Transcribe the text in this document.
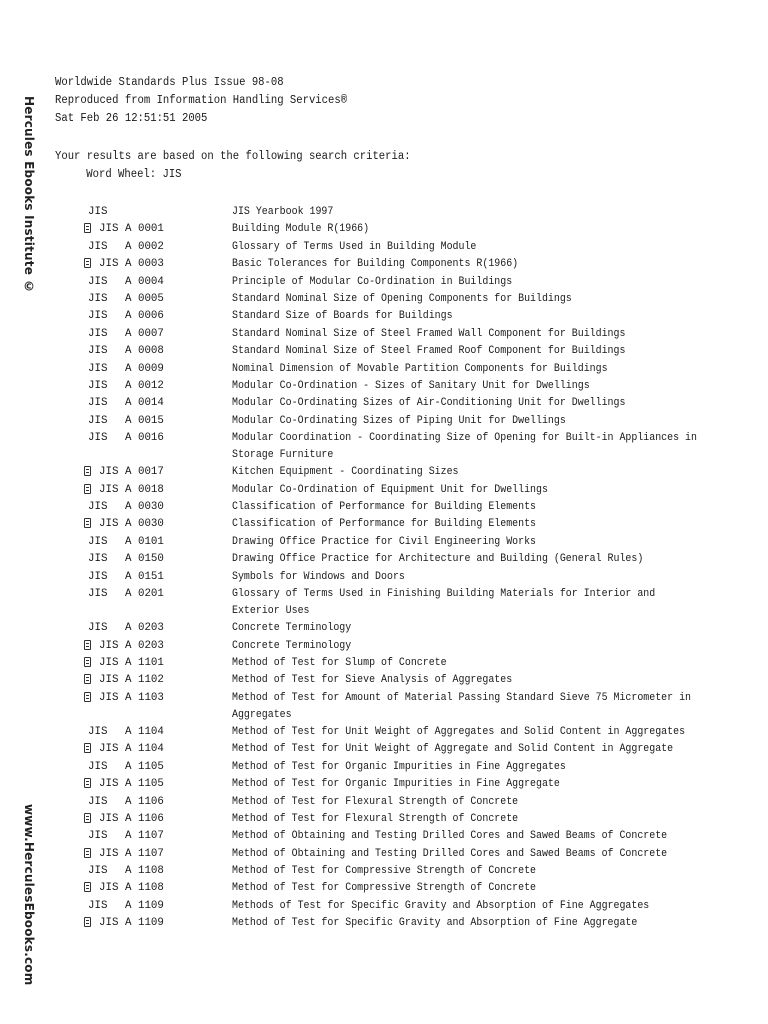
Hercules Ebooks Institute ©
www.HerculesEbooks.com
Worldwide Standards Plus Issue 98-08
Reproduced from Information Handling Services®
Sat Feb 26 12:51:51 2005
Your results are based on the following search criteria:
Word Wheel: JIS
JIS	JIS Yearbook 1997
JIS A 0001	Building Module R(1966)
JIS A 0002	Glossary of Terms Used in Building Module
JIS A 0003	Basic Tolerances for Building Components R(1966)
JIS A 0004	Principle of Modular Co-Ordination in Buildings
JIS A 0005	Standard Nominal Size of Opening Components for Buildings
JIS A 0006	Standard Size of Boards for Buildings
JIS A 0007	Standard Nominal Size of Steel Framed Wall Component for Buildings
JIS A 0008	Standard Nominal Size of Steel Framed Roof Component for Buildings
JIS A 0009	Nominal Dimension of Movable Partition Components for Buildings
JIS A 0012	Modular Co-Ordination - Sizes of Sanitary Unit for Dwellings
JIS A 0014	Modular Co-Ordinating Sizes of Air-Conditioning Unit for Dwellings
JIS A 0015	Modular Co-Ordinating Sizes of Piping Unit for Dwellings
JIS A 0016	Modular Coordination - Coordinating Size of Opening for Built-in Appliances in Storage Furniture
JIS A 0017	Kitchen Equipment - Coordinating Sizes
JIS A 0018	Modular Co-Ordination of Equipment Unit for Dwellings
JIS A 0030	Classification of Performance for Building Elements
JIS A 0030	Classification of Performance for Building Elements
JIS A 0101	Drawing Office Practice for Civil Engineering Works
JIS A 0150	Drawing Office Practice for Architecture and Building (General Rules)
JIS A 0151	Symbols for Windows and Doors
JIS A 0201	Glossary of Terms Used in Finishing Building Materials for Interior and Exterior Uses
JIS A 0203	Concrete Terminology
JIS A 0203	Concrete Terminology
JIS A 1101	Method of Test for Slump of Concrete
JIS A 1102	Method of Test for Sieve Analysis of Aggregates
JIS A 1103	Method of Test for Amount of Material Passing Standard Sieve 75 Micrometer in Aggregates
JIS A 1104	Method of Test for Unit Weight of Aggregates and Solid Content in Aggregates
JIS A 1104	Method of Test for Unit Weight of Aggregate and Solid Content in Aggregate
JIS A 1105	Method of Test for Organic Impurities in Fine Aggregates
JIS A 1105	Method of Test for Organic Impurities in Fine Aggregate
JIS A 1106	Method of Test for Flexural Strength of Concrete
JIS A 1106	Method of Test for Flexural Strength of Concrete
JIS A 1107	Method of Obtaining and Testing Drilled Cores and Sawed Beams of Concrete
JIS A 1107	Method of Obtaining and Testing Drilled Cores and Sawed Beams of Concrete
JIS A 1108	Method of Test for Compressive Strength of Concrete
JIS A 1108	Method of Test for Compressive Strength of Concrete
JIS A 1109	Methods of Test for Specific Gravity and Absorption of Fine Aggregates
JIS A 1109	Method of Test for Specific Gravity and Absorption of Fine Aggregate
